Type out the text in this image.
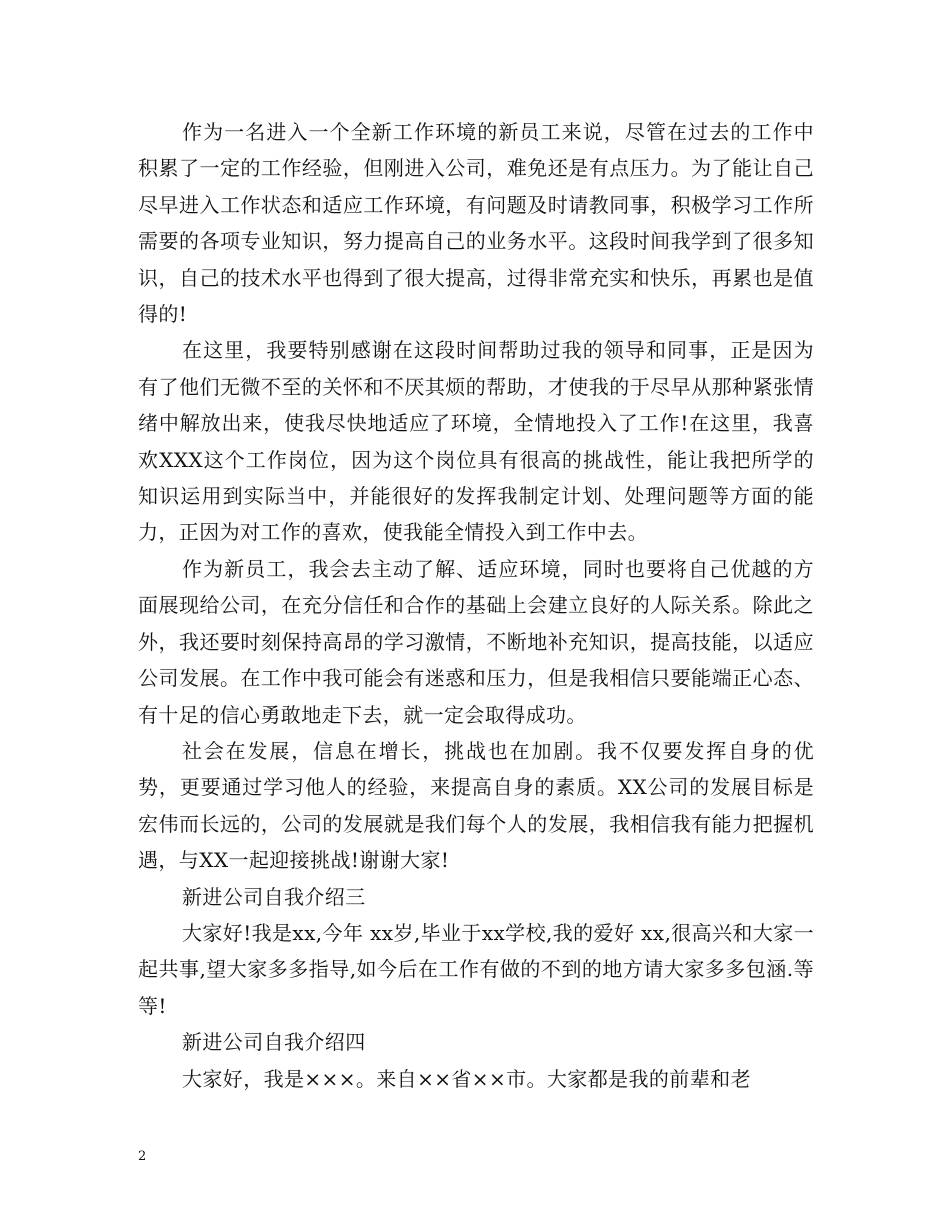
作为一名进入一个全新工作环境的新员工来说，尽管在过去的工作中积累了一定的工作经验，但刚进入公司，难免还是有点压力。为了能让自己尽早进入工作状态和适应工作环境，有问题及时请教同事，积极学习工作所需要的各项专业知识，努力提高自己的业务水平。这段时间我学到了很多知识，自己的技术水平也得到了很大提高，过得非常充实和快乐，再累也是值得的!

在这里，我要特别感谢在这段时间帮助过我的领导和同事，正是因为有了他们无微不至的关怀和不厌其烦的帮助，才使我的于尽早从那种紧张情绪中解放出来，使我尽快地适应了环境，全情地投入了工作!在这里，我喜欢XXX这个工作岗位，因为这个岗位具有很高的挑战性，能让我把所学的知识运用到实际当中，并能很好的发挥我制定计划、处理问题等方面的能力，正因为对工作的喜欢，使我能全情投入到工作中去。

作为新员工，我会去主动了解、适应环境，同时也要将自己优越的方面展现给公司，在充分信任和合作的基础上会建立良好的人际关系。除此之外，我还要时刻保持高昂的学习激情，不断地补充知识，提高技能，以适应公司发展。在工作中我可能会有迷惑和压力，但是我相信只要能端正心态、有十足的信心勇敢地走下去，就一定会取得成功。

社会在发展，信息在增长，挑战也在加剧。我不仅要发挥自身的优势，更要通过学习他人的经验，来提高自身的素质。XX公司的发展目标是宏伟而长远的，公司的发展就是我们每个人的发展，我相信我有能力把握机遇，与XX一起迎接挑战!谢谢大家!

新进公司自我介绍三

大家好!我是xx,今年 xx岁,毕业于xx学校,我的爱好 xx,很高兴和大家一起共事,望大家多多指导,如今后在工作有做的不到的地方请大家多多包涵.等等!

新进公司自我介绍四

大家好，我是×××。来自××省××市。大家都是我的前辈和老

2
